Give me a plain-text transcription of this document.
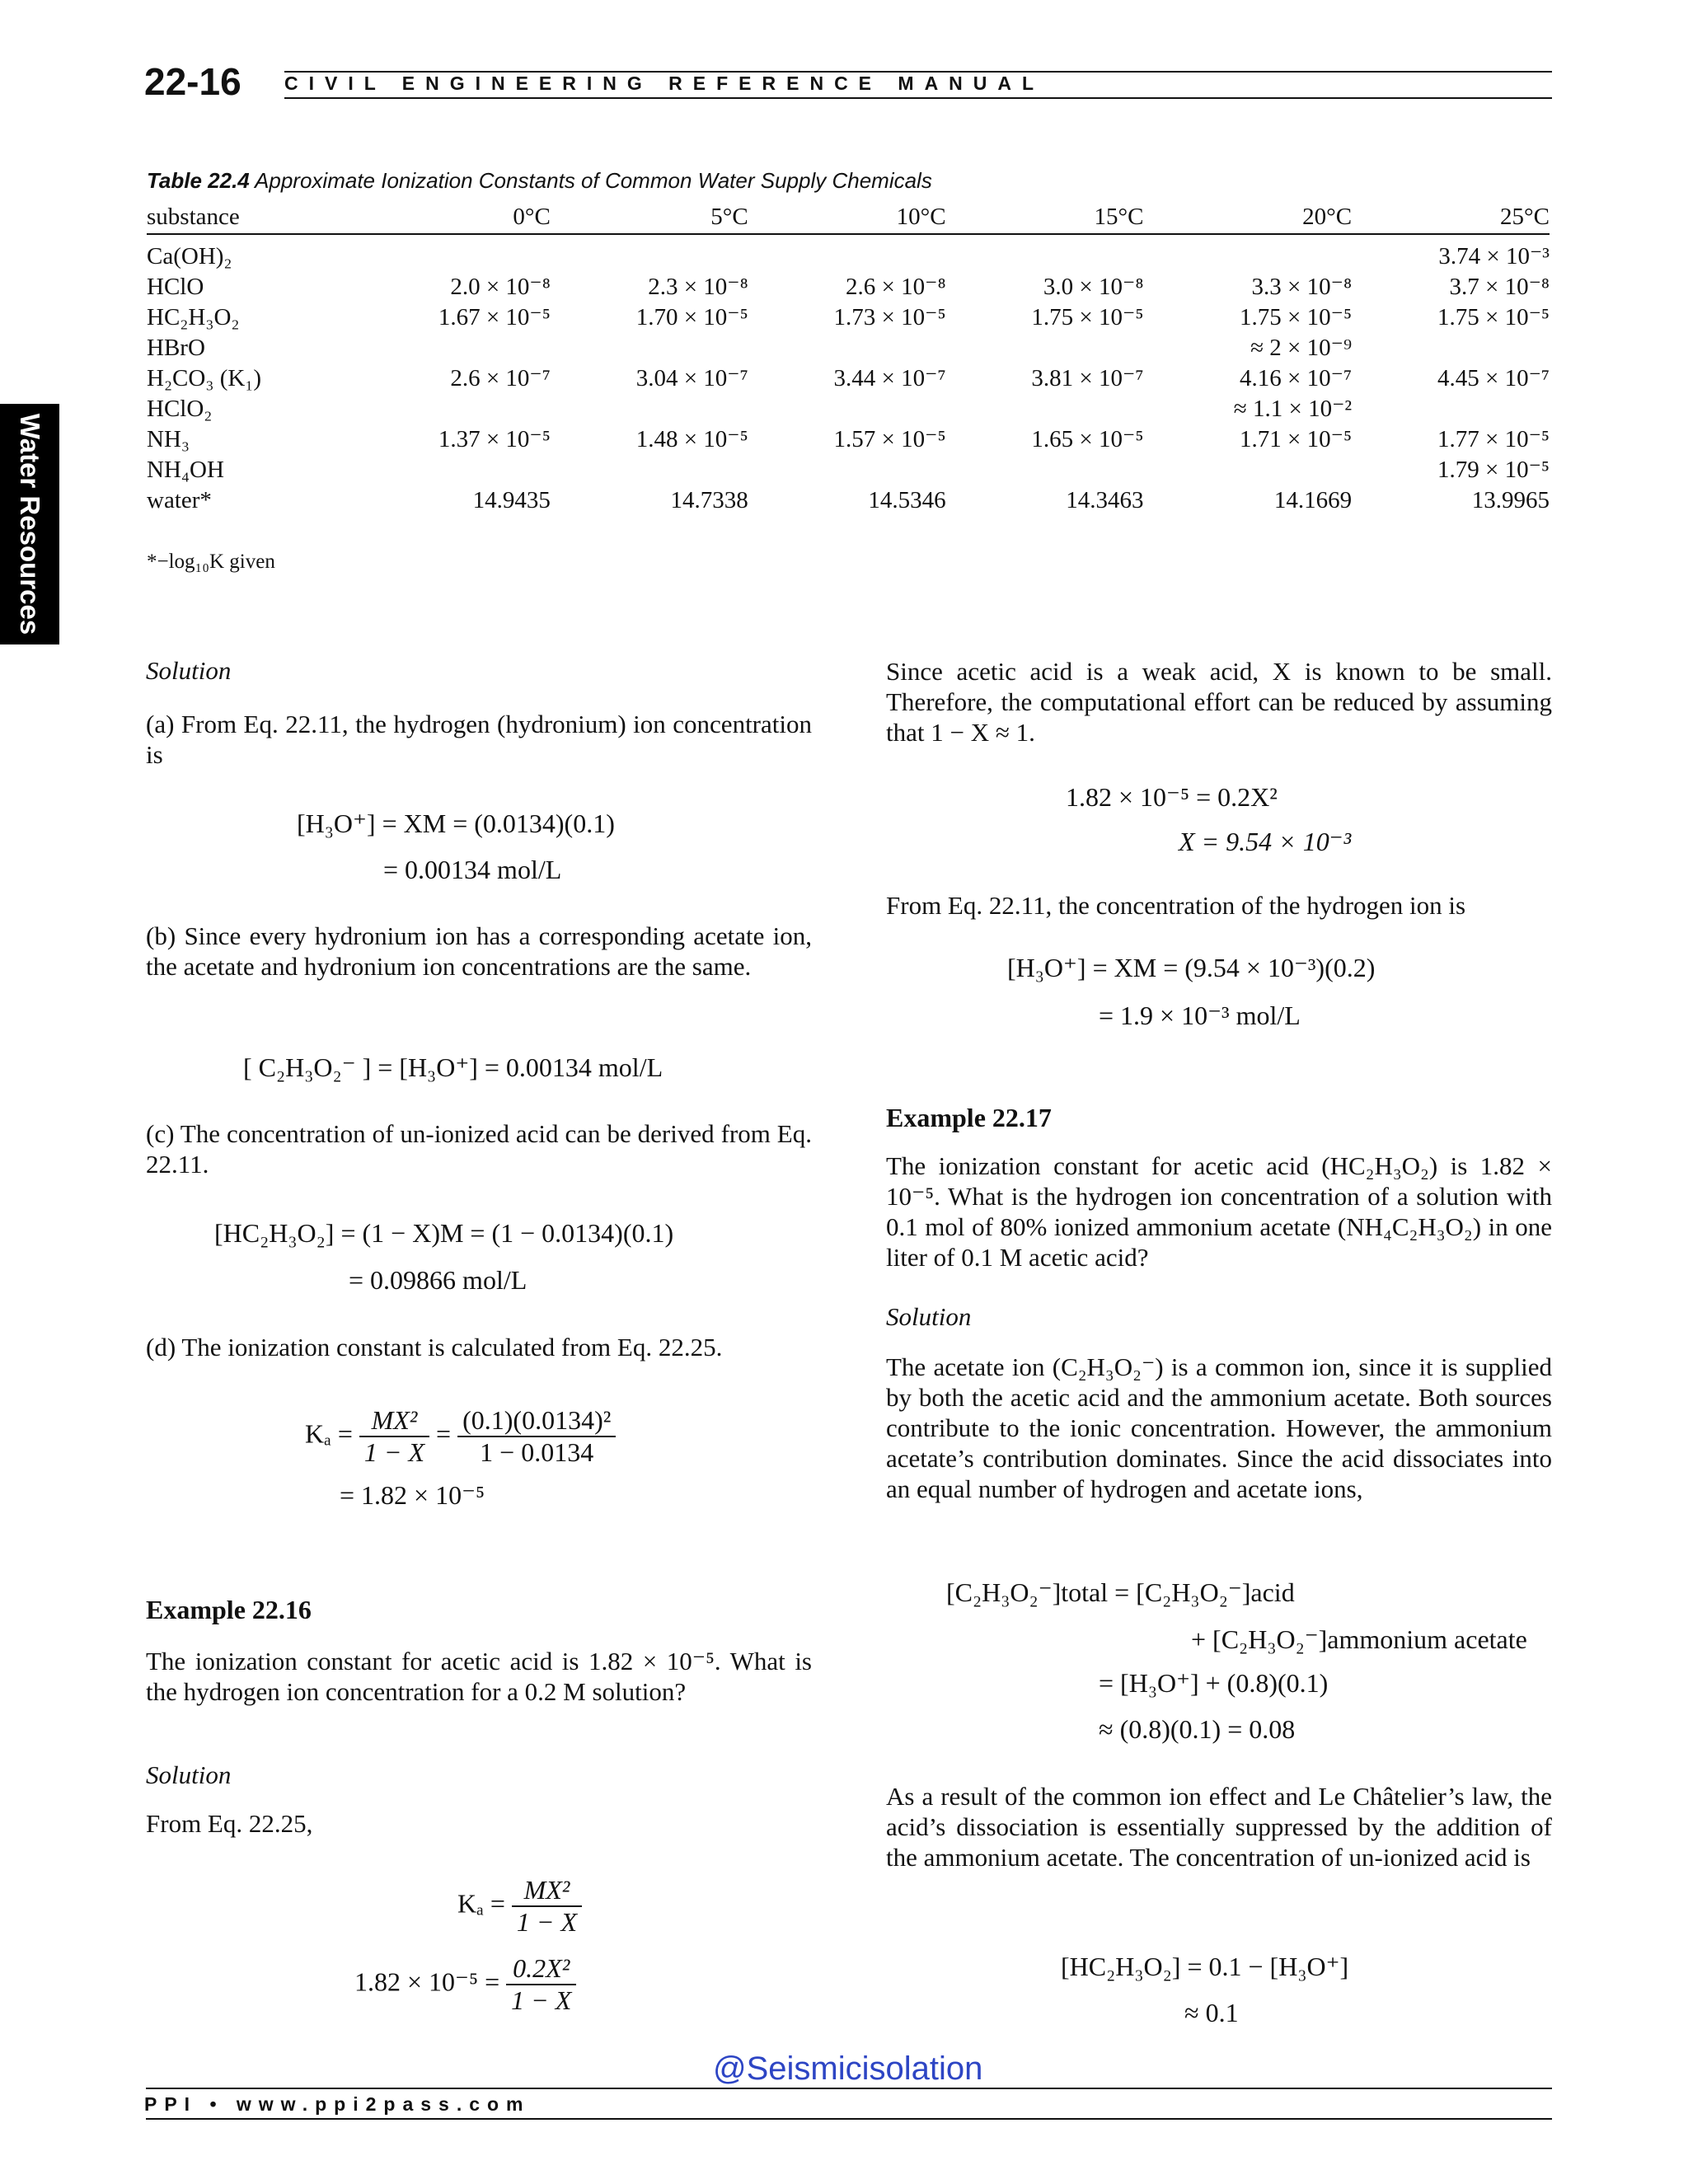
22-16 CIVIL ENGINEERING REFERENCE MANUAL
Water Resources
Table 22.4 Approximate Ionization Constants of Common Water Supply Chemicals
substance	0°C	5°C	10°C	15°C	20°C	25°C
Ca(OH)₂						3.74 × 10⁻³
HClO	2.0 × 10⁻⁸	2.3 × 10⁻⁸	2.6 × 10⁻⁸	3.0 × 10⁻⁸	3.3 × 10⁻⁸	3.7 × 10⁻⁸
HC₂H₃O₂	1.67 × 10⁻⁵	1.70 × 10⁻⁵	1.73 × 10⁻⁵	1.75 × 10⁻⁵	1.75 × 10⁻⁵	1.75 × 10⁻⁵
HBrO					≈ 2 × 10⁻⁹	
H₂CO₃ (K₁)	2.6 × 10⁻⁷	3.04 × 10⁻⁷	3.44 × 10⁻⁷	3.81 × 10⁻⁷	4.16 × 10⁻⁷	4.45 × 10⁻⁷
HClO₂					≈ 1.1 × 10⁻²	
NH₃	1.37 × 10⁻⁵	1.48 × 10⁻⁵	1.57 × 10⁻⁵	1.65 × 10⁻⁵	1.71 × 10⁻⁵	1.77 × 10⁻⁵
NH₄OH						1.79 × 10⁻⁵
water*	14.9435	14.7338	14.5346	14.3463	14.1669	13.9965
*−log₁₀K given
Solution
(a) From Eq. 22.11, the hydrogen (hydronium) ion concentration is
[H₃O⁺] = XM = (0.0134)(0.1)
= 0.00134 mol/L
(b) Since every hydronium ion has a corresponding acetate ion, the acetate and hydronium ion concentrations are the same.
[ C₂H₃O₂⁻ ] = [H₃O⁺] = 0.00134 mol/L
(c) The concentration of un-ionized acid can be derived from Eq. 22.11.
[HC₂H₃O₂] = (1 − X)M = (1 − 0.0134)(0.1)
= 0.09866 mol/L
(d) The ionization constant is calculated from Eq. 22.25.
$K_a = \frac{\text{MX²}}{1 - X} = \frac{\text{(0.1)(0.0134)²}}{1 - 0.0134}$
= 1.82 × 10⁻⁵
Example 22.16
The ionization constant for acetic acid is 1.82 × 10⁻⁵. What is the hydrogen ion concentration for a 0.2 M solution?
Solution
From Eq. 22.25,
$K_a = \frac{\text{MX²}}{1 - X}$
$1.82 \times 10^{-5} = \frac{\text{0.2X²}}{1 - X}$
Since acetic acid is a weak acid, X is known to be small. Therefore, the computational effort can be reduced by assuming that 1 − X ≈ 1.
1.82 × 10⁻⁵ = 0.2X²
X = 9.54 × 10⁻³
From Eq. 22.11, the concentration of the hydrogen ion is
[H₃O⁺] = XM = (9.54 × 10⁻³)(0.2)
= 1.9 × 10⁻³ mol/L
Example 22.17
The ionization constant for acetic acid (HC₂H₃O₂) is 1.82 × 10⁻⁵. What is the hydrogen ion concentration of a solution with 0.1 mol of 80% ionized ammonium acetate (NH₄C₂H₃O₂) in one liter of 0.1 M acetic acid?
Solution
The acetate ion (C₂H₃O₂⁻) is a common ion, since it is supplied by both the acetic acid and the ammonium acetate. Both sources contribute to the ionic concentration. However, the ammonium acetate’s contribution dominates. Since the acid dissociates into an equal number of hydrogen and acetate ions,
[C₂H₃O₂⁻]total = [C₂H₃O₂⁻]acid
+ [C₂H₃O₂⁻]ammonium acetate
= [H₃O⁺] + (0.8)(0.1)
≈ (0.8)(0.1) = 0.08
As a result of the common ion effect and Le Châtelier’s law, the acid’s dissociation is essentially suppressed by the addition of the ammonium acetate. The concentration of un-ionized acid is
[HC₂H₃O₂] = 0.1 − [H₃O⁺]
≈ 0.1
@Seismicisolation
PPI • www.ppi2pass.com
